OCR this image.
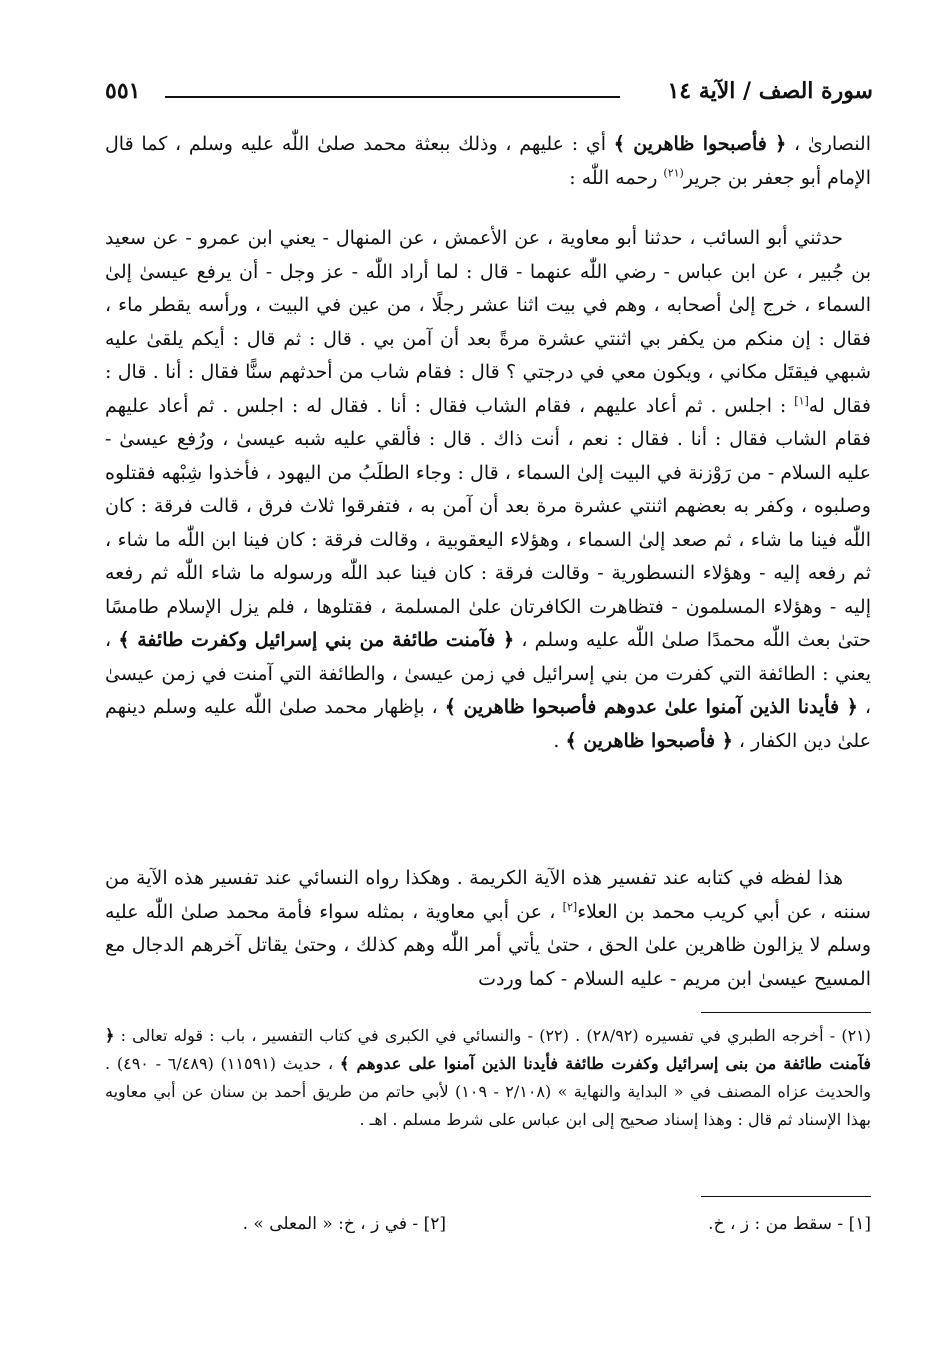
سورة الصف / الآية ١٤
٥٥١
النصارىٰ ، ﴿ فأصبحوا ظاهرين ﴾ أي : عليهم ، وذلك ببعثة محمد صلىٰ اللّٰه عليه وسلم ، كما قال الإمام أبو جعفر بن جرير$^{(٢١)}$ رحمه اللّٰه :
حدثني أبو السائب ، حدثنا أبو معاوية ، عن الأعمش ، عن المنهال - يعني ابن عمرو - عن سعيد بن جُبير ، عن ابن عباس - رضي اللّٰه عنهما - قال : لما أراد اللّٰه - عز وجل - أن يرفع عيسىٰ إلىٰ السماء ، خرج إلىٰ أصحابه ، وهم في بيت اثنا عشر رجلًا ، من عين في البيت ، ورأسه يقطر ماء ، فقال : إن منكم من يكفر بي اثنتي عشرة مرةً بعد أن آمن بي . قال : ثم قال : أيكم يلقىٰ عليه شبهي فيقتَل مكاني ، ويكون معي في درجتي ؟ قال : فقام شاب من أحدثهم سنًّا فقال : أنا . قال : فقال له[١] : اجلس . ثم أعاد عليهم ، فقام الشاب فقال : أنا . فقال له : اجلس . ثم أعاد عليهم فقام الشاب فقال : أنا . فقال : نعم ، أنت ذاك . قال : فألقي عليه شبه عيسىٰ ، ورُفع عيسىٰ - عليه السلام - من رَوْزنة في البيت إلىٰ السماء ، قال : وجاء الطلَبُ من اليهود ، فأخذوا شِبْهه فقتلوه وصلبوه ، وكفر به بعضهم اثنتي عشرة مرة بعد أن آمن به ، فتفرقوا ثلاث فرق ، قالت فرقة : كان اللّٰه فينا ما شاء ، ثم صعد إلىٰ السماء ، وهؤلاء اليعقوبية ، وقالت فرقة : كان فينا ابن اللّٰه ما شاء ، ثم رفعه إليه - وهؤلاء النسطورية - وقالت فرقة : كان فينا عبد اللّٰه ورسوله ما شاء اللّٰه ثم رفعه إليه - وهؤلاء المسلمون - فتظاهرت الكافرتان علىٰ المسلمة ، فقتلوها ، فلم يزل الإسلام طامسًا حتىٰ بعث اللّٰه محمدًا صلىٰ اللّٰه عليه وسلم ، ﴿ فآمنت طائفة من بني إسرائيل وكفرت طائفة ﴾ ، يعني : الطائفة التي كفرت من بني إسرائيل في زمن عيسىٰ ، والطائفة التي آمنت في زمن عيسىٰ ، ﴿ فأيدنا الذين آمنوا علىٰ عدوهم فأصبحوا ظاهرين ﴾ ، بإظهار محمد صلىٰ اللّٰه عليه وسلم دينهم علىٰ دين الكفار ، ﴿ فأصبحوا ظاهرين ﴾ .
هذا لفظه في كتابه عند تفسير هذه الآية الكريمة . وهكذا رواه النسائي عند تفسير هذه الآية من سننه ، عن أبي كريب محمد بن العلاء[٢] ، عن أبي معاوية ، بمثله سواء فأمة محمد صلىٰ اللّٰه عليه وسلم لا يزالون ظاهرين علىٰ الحق ، حتىٰ يأتي أمر اللّٰه وهم كذلك ، وحتىٰ يقاتل آخرهم الدجال مع المسيح عيسىٰ ابن مريم - عليه السلام - كما وردت
(٢١) - أخرجه الطبري في تفسيره (٢٨/٩٢) . (٢٢) - والنسائي في الكبرى في كتاب التفسير ، باب : قوله تعالى : ﴿ فآمنت طائفة من بنى إسرائيل وكفرت طائفة فأيدنا الذين آمنوا على عدوهم ﴾ ، حديث (١١٥٩١) (٦/٤٨٩ - ٤٩٠) . والحديث عزاه المصنف في « البداية والنهاية » (٢/١٠٨ - ١٠٩) لأبي حاتم من طريق أحمد بن سنان عن أبي معاويه بهذا الإسناد ثم قال : وهذا إسناد صحيح إلى ابن عباس على شرط مسلم . اهـ .
[١] - سقط من : ز ، خ.
[٢] - في ز ، خ: « المعلى » .
